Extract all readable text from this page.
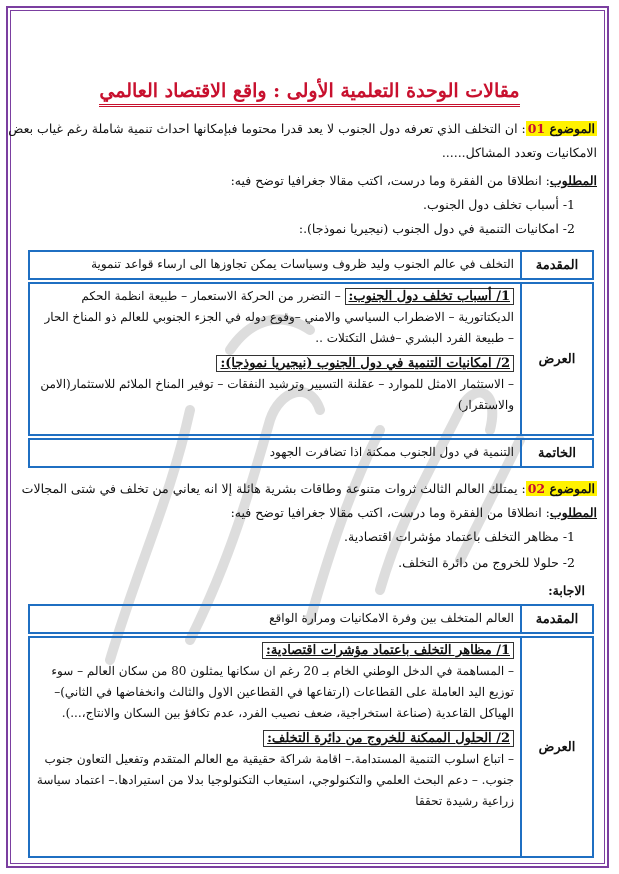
مقالات الوحدة التعلمية الأولى : واقع الاقتصاد العالمي
الموضوع 01: ان التخلف الذي تعرفه دول الجنوب لا يعد قدرا محتوما فبإمكانها احداث تنمية شاملة رغم غياب بعض
الامكانيات وتعدد المشاكل......
المطلوب: انطلاقا من الفقرة وما درست، اكتب مقالا جغرافيا توضح فيه:
1- أسباب تخلف دول الجنوب.
2- امكانيات التنمية في دول الجنوب (نيجيريا نموذجا).:
المقدمة
التخلف في عالم الجنوب وليد ظروف وسياسات يمكن تجاوزها الى ارساء قواعد تنموية
العرض
1/ أسباب تخلف دول الجنوب: – التضرر من الحركة الاستعمار – طبيعة انظمة الحكم الديكتاتورية – الاضطراب السياسي والامني –وقوع دوله في الجزء الجنوبي للعالم ذو المناخ الحار – طبيعة الفرد البشري –فشل التكتلات ..
2/ امكانيات التنمية في دول الجنوب (نيجيريا نموذجا):
– الاستثمار الامثل للموارد – عقلنة التسيير وترشيد النفقات – توفير المناخ الملائم للاستثمار(الامن والاستقرار)
الخاتمة
التنمية في دول الجنوب ممكنة اذا تضافرت الجهود
الموضوع 02: يمتلك العالم الثالث ثروات متنوعة وطاقات بشرية هائلة إلا انه يعاني من تخلف في شتى المجالات
المطلوب: انطلاقا من الفقرة وما درست، اكتب مقالا جغرافيا توضح فيه:
1- مظاهر التخلف باعتماد مؤشرات اقتصادية.
2- حلولا للخروج من دائرة التخلف.
الاجابة:
المقدمة
العالم المتخلف بين وفرة الامكانيات ومرارة الواقع
العرض
1/ مظاهر التخلف باعتماد مؤشرات اقتصادية:
– المساهمة في الدخل الوطني الخام بـ 20 رغم ان سكانها يمثلون 80 من سكان العالم – سوء توزيع اليد العاملة على القطاعات (ارتفاعها في القطاعين الاول والثالث وانخفاضها في الثاني)– الهياكل القاعدية (صناعة استخراجية، ضعف نصيب الفرد، عدم تكافؤ بين السكان والانتاج،...).
2/ الحلول الممكنة للخروج من دائرة التخلف:
– اتباع اسلوب التنمية المستدامة.– اقامة شراكة حقيقية مع العالم المتقدم وتفعيل التعاون جنوب جنوب. – دعم البحث العلمي والتكنولوجي، استيعاب التكنولوجيا بدلا من استيرادها.– اعتماد سياسة زراعية رشيدة تحققا
